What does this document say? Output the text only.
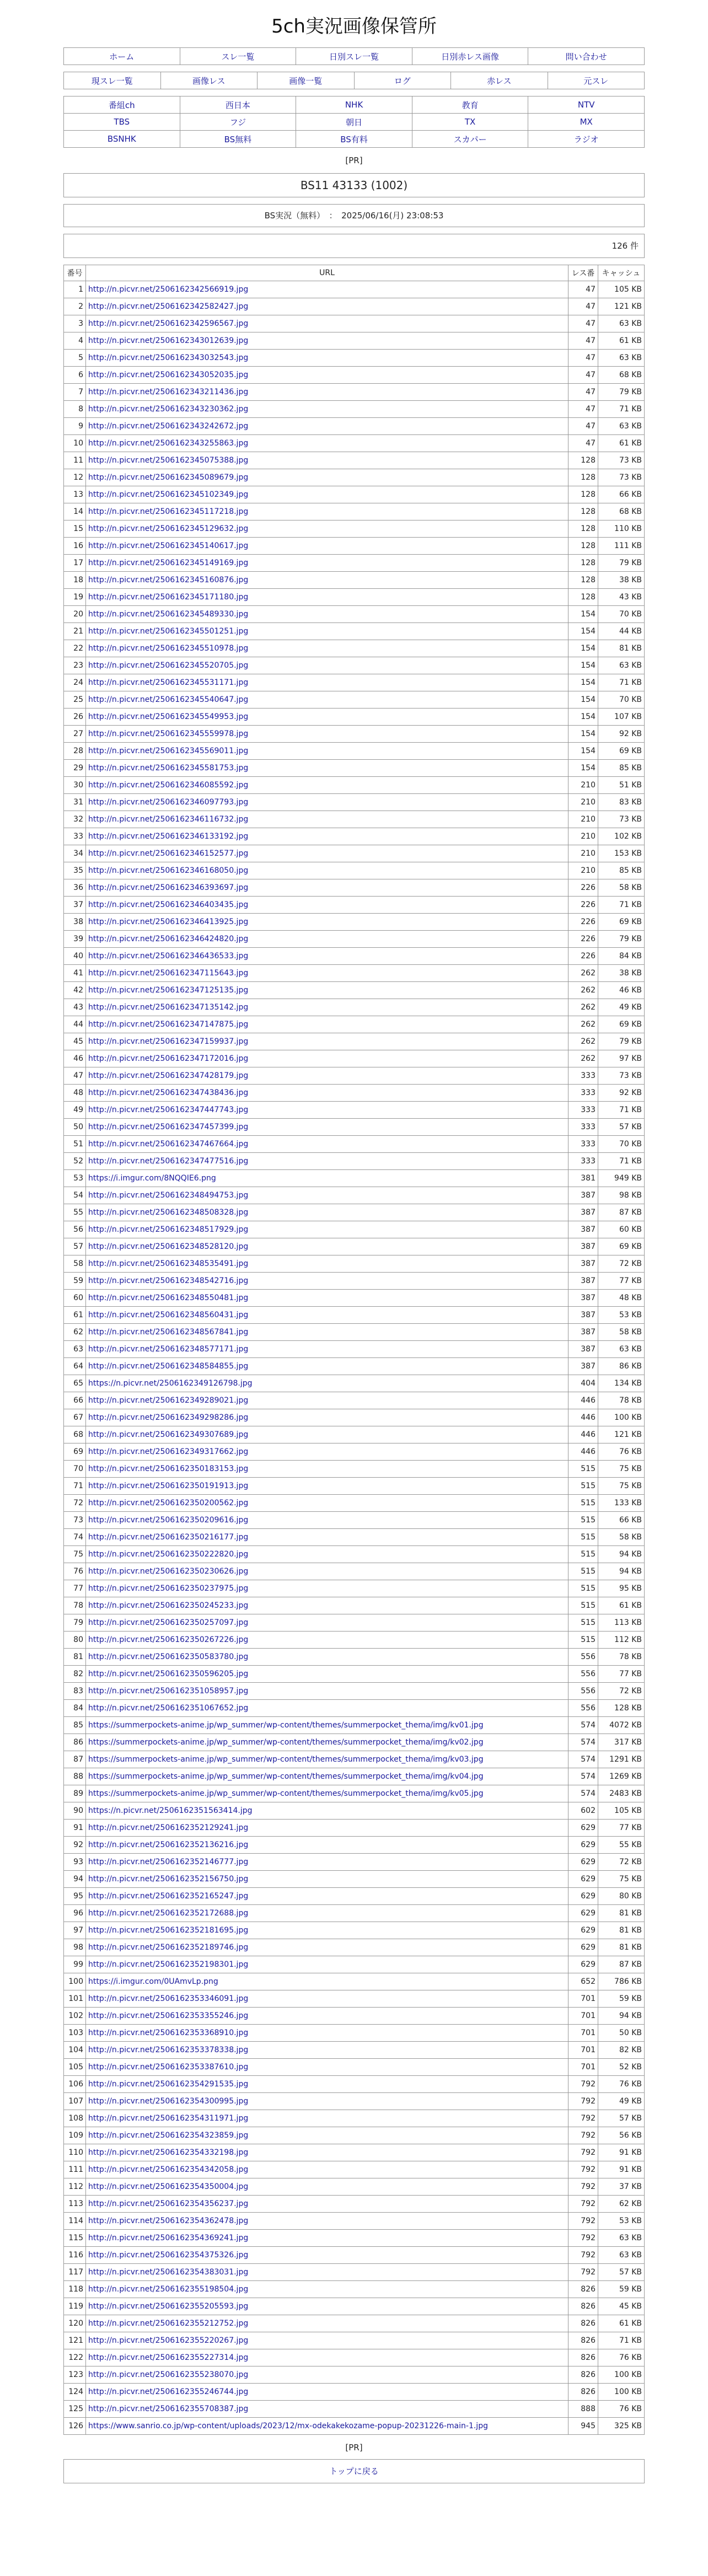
5ch実況画像保管所
ホーム	スレ一覧	日別スレ一覧	日別赤レス画像	問い合わせ
現スレ一覧	画像レス	画像一覧	ログ	赤レス	元スレ
番組ch	西日本	NHK	教育	NTV
TBS	フジ	朝日	TX	MX
BSNHK	BS無料	BS有料	スカパー	ラジオ
[PR]
BS11 43133 (1002)
BS実況（無料）　：　2025/06/16(月) 23:08:53
126 件
番号	URL	レス番	キャッシュ
1	http://n.picvr.net/2506162342566919.jpg	47	105 KB
2	http://n.picvr.net/2506162342582427.jpg	47	121 KB
3	http://n.picvr.net/2506162342596567.jpg	47	63 KB
4	http://n.picvr.net/2506162343012639.jpg	47	61 KB
5	http://n.picvr.net/2506162343032543.jpg	47	63 KB
6	http://n.picvr.net/2506162343052035.jpg	47	68 KB
7	http://n.picvr.net/2506162343211436.jpg	47	79 KB
8	http://n.picvr.net/2506162343230362.jpg	47	71 KB
9	http://n.picvr.net/2506162343242672.jpg	47	63 KB
10	http://n.picvr.net/2506162343255863.jpg	47	61 KB
11	http://n.picvr.net/2506162345075388.jpg	128	73 KB
12	http://n.picvr.net/2506162345089679.jpg	128	73 KB
13	http://n.picvr.net/2506162345102349.jpg	128	66 KB
14	http://n.picvr.net/2506162345117218.jpg	128	68 KB
15	http://n.picvr.net/2506162345129632.jpg	128	110 KB
16	http://n.picvr.net/2506162345140617.jpg	128	111 KB
17	http://n.picvr.net/2506162345149169.jpg	128	79 KB
18	http://n.picvr.net/2506162345160876.jpg	128	38 KB
19	http://n.picvr.net/2506162345171180.jpg	128	43 KB
20	http://n.picvr.net/2506162345489330.jpg	154	70 KB
21	http://n.picvr.net/2506162345501251.jpg	154	44 KB
22	http://n.picvr.net/2506162345510978.jpg	154	81 KB
23	http://n.picvr.net/2506162345520705.jpg	154	63 KB
24	http://n.picvr.net/2506162345531171.jpg	154	71 KB
25	http://n.picvr.net/2506162345540647.jpg	154	70 KB
26	http://n.picvr.net/2506162345549953.jpg	154	107 KB
27	http://n.picvr.net/2506162345559978.jpg	154	92 KB
28	http://n.picvr.net/2506162345569011.jpg	154	69 KB
29	http://n.picvr.net/2506162345581753.jpg	154	85 KB
30	http://n.picvr.net/2506162346085592.jpg	210	51 KB
31	http://n.picvr.net/2506162346097793.jpg	210	83 KB
32	http://n.picvr.net/2506162346116732.jpg	210	73 KB
33	http://n.picvr.net/2506162346133192.jpg	210	102 KB
34	http://n.picvr.net/2506162346152577.jpg	210	153 KB
35	http://n.picvr.net/2506162346168050.jpg	210	85 KB
36	http://n.picvr.net/2506162346393697.jpg	226	58 KB
37	http://n.picvr.net/2506162346403435.jpg	226	71 KB
38	http://n.picvr.net/2506162346413925.jpg	226	69 KB
39	http://n.picvr.net/2506162346424820.jpg	226	79 KB
40	http://n.picvr.net/2506162346436533.jpg	226	84 KB
41	http://n.picvr.net/2506162347115643.jpg	262	38 KB
42	http://n.picvr.net/2506162347125135.jpg	262	46 KB
43	http://n.picvr.net/2506162347135142.jpg	262	49 KB
44	http://n.picvr.net/2506162347147875.jpg	262	69 KB
45	http://n.picvr.net/2506162347159937.jpg	262	79 KB
46	http://n.picvr.net/2506162347172016.jpg	262	97 KB
47	http://n.picvr.net/2506162347428179.jpg	333	73 KB
48	http://n.picvr.net/2506162347438436.jpg	333	92 KB
49	http://n.picvr.net/2506162347447743.jpg	333	71 KB
50	http://n.picvr.net/2506162347457399.jpg	333	57 KB
51	http://n.picvr.net/2506162347467664.jpg	333	70 KB
52	http://n.picvr.net/2506162347477516.jpg	333	71 KB
53	https://i.imgur.com/8NQQIE6.png	381	949 KB
54	http://n.picvr.net/2506162348494753.jpg	387	98 KB
55	http://n.picvr.net/2506162348508328.jpg	387	87 KB
56	http://n.picvr.net/2506162348517929.jpg	387	60 KB
57	http://n.picvr.net/2506162348528120.jpg	387	69 KB
58	http://n.picvr.net/2506162348535491.jpg	387	72 KB
59	http://n.picvr.net/2506162348542716.jpg	387	77 KB
60	http://n.picvr.net/2506162348550481.jpg	387	48 KB
61	http://n.picvr.net/2506162348560431.jpg	387	53 KB
62	http://n.picvr.net/2506162348567841.jpg	387	58 KB
63	http://n.picvr.net/2506162348577171.jpg	387	63 KB
64	http://n.picvr.net/2506162348584855.jpg	387	86 KB
65	https://n.picvr.net/2506162349126798.jpg	404	134 KB
66	http://n.picvr.net/2506162349289021.jpg	446	78 KB
67	http://n.picvr.net/2506162349298286.jpg	446	100 KB
68	http://n.picvr.net/2506162349307689.jpg	446	121 KB
69	http://n.picvr.net/2506162349317662.jpg	446	76 KB
70	http://n.picvr.net/2506162350183153.jpg	515	75 KB
71	http://n.picvr.net/2506162350191913.jpg	515	75 KB
72	http://n.picvr.net/2506162350200562.jpg	515	133 KB
73	http://n.picvr.net/2506162350209616.jpg	515	66 KB
74	http://n.picvr.net/2506162350216177.jpg	515	58 KB
75	http://n.picvr.net/2506162350222820.jpg	515	94 KB
76	http://n.picvr.net/2506162350230626.jpg	515	94 KB
77	http://n.picvr.net/2506162350237975.jpg	515	95 KB
78	http://n.picvr.net/2506162350245233.jpg	515	61 KB
79	http://n.picvr.net/2506162350257097.jpg	515	113 KB
80	http://n.picvr.net/2506162350267226.jpg	515	112 KB
81	http://n.picvr.net/2506162350583780.jpg	556	78 KB
82	http://n.picvr.net/2506162350596205.jpg	556	77 KB
83	http://n.picvr.net/2506162351058957.jpg	556	72 KB
84	http://n.picvr.net/2506162351067652.jpg	556	128 KB
85	https://summerpockets-anime.jp/wp_summer/wp-content/themes/summerpocket_thema/img/kv01.jpg	574	4072 KB
86	https://summerpockets-anime.jp/wp_summer/wp-content/themes/summerpocket_thema/img/kv02.jpg	574	317 KB
87	https://summerpockets-anime.jp/wp_summer/wp-content/themes/summerpocket_thema/img/kv03.jpg	574	1291 KB
88	https://summerpockets-anime.jp/wp_summer/wp-content/themes/summerpocket_thema/img/kv04.jpg	574	1269 KB
89	https://summerpockets-anime.jp/wp_summer/wp-content/themes/summerpocket_thema/img/kv05.jpg	574	2483 KB
90	https://n.picvr.net/2506162351563414.jpg	602	105 KB
91	http://n.picvr.net/2506162352129241.jpg	629	77 KB
92	http://n.picvr.net/2506162352136216.jpg	629	55 KB
93	http://n.picvr.net/2506162352146777.jpg	629	72 KB
94	http://n.picvr.net/2506162352156750.jpg	629	75 KB
95	http://n.picvr.net/2506162352165247.jpg	629	80 KB
96	http://n.picvr.net/2506162352172688.jpg	629	81 KB
97	http://n.picvr.net/2506162352181695.jpg	629	81 KB
98	http://n.picvr.net/2506162352189746.jpg	629	81 KB
99	http://n.picvr.net/2506162352198301.jpg	629	87 KB
100	https://i.imgur.com/0UAmvLp.png	652	786 KB
101	http://n.picvr.net/2506162353346091.jpg	701	59 KB
102	http://n.picvr.net/2506162353355246.jpg	701	94 KB
103	http://n.picvr.net/2506162353368910.jpg	701	50 KB
104	http://n.picvr.net/2506162353378338.jpg	701	82 KB
105	http://n.picvr.net/2506162353387610.jpg	701	52 KB
106	http://n.picvr.net/2506162354291535.jpg	792	76 KB
107	http://n.picvr.net/2506162354300995.jpg	792	49 KB
108	http://n.picvr.net/2506162354311971.jpg	792	57 KB
109	http://n.picvr.net/2506162354323859.jpg	792	56 KB
110	http://n.picvr.net/2506162354332198.jpg	792	91 KB
111	http://n.picvr.net/2506162354342058.jpg	792	91 KB
112	http://n.picvr.net/2506162354350004.jpg	792	37 KB
113	http://n.picvr.net/2506162354356237.jpg	792	62 KB
114	http://n.picvr.net/2506162354362478.jpg	792	53 KB
115	http://n.picvr.net/2506162354369241.jpg	792	63 KB
116	http://n.picvr.net/2506162354375326.jpg	792	63 KB
117	http://n.picvr.net/2506162354383031.jpg	792	57 KB
118	http://n.picvr.net/2506162355198504.jpg	826	59 KB
119	http://n.picvr.net/2506162355205593.jpg	826	45 KB
120	http://n.picvr.net/2506162355212752.jpg	826	61 KB
121	http://n.picvr.net/2506162355220267.jpg	826	71 KB
122	http://n.picvr.net/2506162355227314.jpg	826	76 KB
123	http://n.picvr.net/2506162355238070.jpg	826	100 KB
124	http://n.picvr.net/2506162355246744.jpg	826	100 KB
125	http://n.picvr.net/2506162355708387.jpg	888	76 KB
126	https://www.sanrio.co.jp/wp-content/uploads/2023/12/mx-odekakekozame-popup-20231226-main-1.jpg	945	325 KB
[PR]
トップに戻る
